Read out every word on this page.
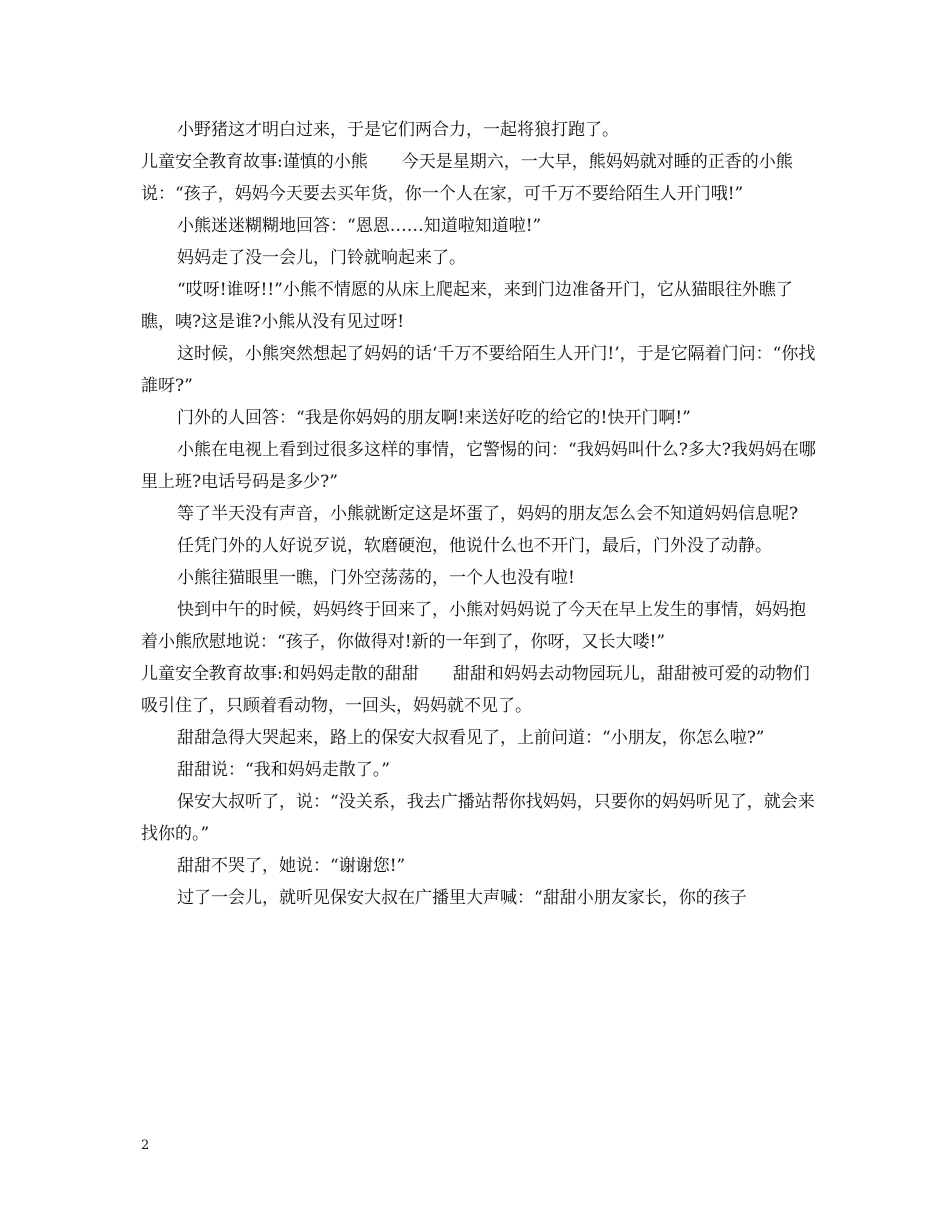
小野猪这才明白过来，于是它们两合力，一起将狼打跑了。

儿童安全教育故事:谨慎的小熊　　今天是星期六，一大早，熊妈妈就对睡的正香的小熊说：“孩子，妈妈今天要去买年货，你一个人在家，可千万不要给陌生人开门哦!”

小熊迷迷糊糊地回答：“恩恩……知道啦知道啦!”

妈妈走了没一会儿，门铃就响起来了。

“哎呀!谁呀!!”小熊不情愿的从床上爬起来，来到门边准备开门，它从猫眼往外瞧了瞧，咦?这是谁?小熊从没有见过呀!

这时候，小熊突然想起了妈妈的话‘千万不要给陌生人开门!’，于是它隔着门问：“你找誰呀?”

门外的人回答：“我是你妈妈的朋友啊!来送好吃的给它的!快开门啊!”

小熊在电视上看到过很多这样的事情，它警惕的问：“我妈妈叫什么?多大?我妈妈在哪里上班?电话号码是多少?”

等了半天没有声音，小熊就断定这是坏蛋了，妈妈的朋友怎么会不知道妈妈信息呢?

任凭门外的人好说歹说，软磨硬泡，他说什么也不开门，最后，门外没了动静。

小熊往猫眼里一瞧，门外空荡荡的，一个人也没有啦!

快到中午的时候，妈妈终于回来了，小熊对妈妈说了今天在早上发生的事情，妈妈抱着小熊欣慰地说：“孩子，你做得对!新的一年到了，你呀，又长大喽!”

儿童安全教育故事:和妈妈走散的甜甜　　甜甜和妈妈去动物园玩儿，甜甜被可爱的动物们吸引住了，只顾着看动物，一回头，妈妈就不见了。

甜甜急得大哭起来，路上的保安大叔看见了，上前问道：“小朋友，你怎么啦?”

甜甜说：“我和妈妈走散了。”

保安大叔听了，说：“没关系，我去广播站帮你找妈妈，只要你的妈妈听见了，就会来找你的。”

甜甜不哭了，她说：“谢谢您!”

过了一会儿，就听见保安大叔在广播里大声喊：“甜甜小朋友家长，你的孩子

2
